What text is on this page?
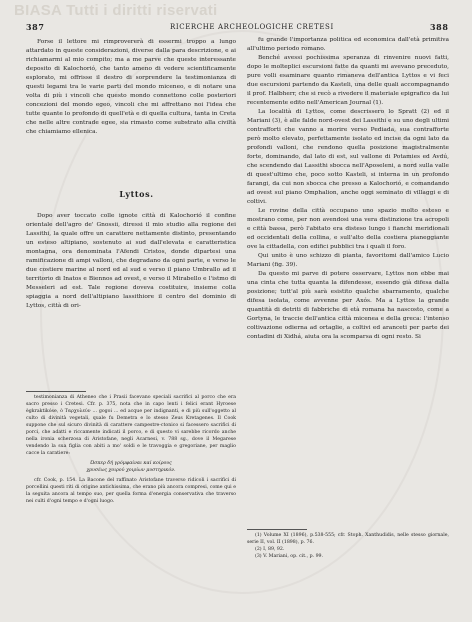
BIASA Tutti i diritti riservati
387	RICERCHE ARCHEOLOGICHE CRETESI	388

Forse il lettore mi rimprovererà di essermi troppo a lungo attardato in queste considerazioni, diverse dalla para descrizione, e ai richiamarmi al mio compito; ma a me parve che queste interessante deposito di Kalochorió, che tanto ameno di vedere scientificamente esplorato, mi offrisse il destro di sorprendere la testimonianza di questi legami tra le varie parti del mondo miceneo, e di notare una volta di più i vincoli che questo mondo connettono colle posteriori concezioni del mondo egeo, vincoli che mi affrettano noi l'idea che tutte quante lo profondo di quell'età e di quella cultura, tanta in Creta che nelle altre contrade egee, sia rimasto come substrato alla civiltà che chiamiamo ellenica.

Lyttos.

Dopo aver toccato colle ignote città di Kalochorió il confine orientale dell'agro de' Gnossii, diressi il mio studio alla regione dei Lassithi, la quale offre un carattere nettamente distinto, presentando un esteso altipiano, sostenuto ai sud dall'elevata e caratteristica montagna, ora denominata l'Afendi Cristos, donde dipartesi una ramificazione di ampi valloni, che degradano da ogni parte, e verso le due costiere marine al nord ed al sud e verso il piano Umbrallo ad il territorio di Inatos e Biennos ad ovest, e verso il Mirabello e l'istmo di Messeleri ad est. Tale regione doveva costituire, insieme colla spiaggia a nord dell'altipiano lassithiore il centro del dominio di Lyttos, città di ori-

testimonianza di Atheneo che i Prasii facevano speciali sacrifici al porco che era sacro presso i Cretesi. Cfr. p. 375, nota che in capo lenti i felici erant Hyroese ègkraktikóse, ò Ταρχυλεύν ... gogoi ... ed acque per indignanti, e di più sull'oggetto al culto di divinità vegetali, quale fu Demetra e lo stesso Zeus Kretagenes. Il Cook suppone che sul sicuro divinità di carattere campestre-ctonico si facessero sacrifici di porci, che adatti e riccamente indicati il porco, e di questo vi sarebbe ricordo anche nella ironia scherzosa di Aristofane, negli Acarnesi, v. 788 sg., dove il Megarese vendendo la sua figlia con abiti a mo' soldi e le travoggia e gregoriane, per maglio cacce la caratiere:

Ώσπερ δή γρόμφαίναι καί κοίρους

χρυσέως χοιρού χοιρίων μυστηρικόν.

cfr. Cook, p. 154. La Bacone del raffinato Aristofane traverso ridicoli i sacrifici di porcellini questi riti di origine antichissima, che erano più ancora compresi, come qui e la seguita ancora al tempo suo, per quella forma d'energia conservativa che traverso nei culti d'ogni tempo e d'ogni luogo.

fu grande l'importanza politica ed economica dall'età primitiva all'ultimo periodo romano.

Benché avessi pochissima speranza di rinvenire nuovi fatti, dopo le molteplici escursioni fatte da quanti mi avevano preceduto, pure volli esaminare quanto rimaneva dell'antica Lyttos e vi feci due escursioni partendo da Kasteli, una delle quali accompagnando il prof. Halbherr, che si recò a rivedere il materiale epigrafico da lui recentemente edito nell'American Journal (1).

La località di Lyttos, come descrissero lo Spratt (2) ed il Mariani (3), è alle falde nord-ovest dei Lassithi e su uno degli ultimi contrafforti che vanno a morire verso Pediada, sua contraffortе però molto elevato, perfettamente isolato ed incise da ogni lato da profondi valloni, che rendono quella posizione magistralmente forte, dominando, dal lato di est, sul vallone di Potamies ed Avdú, che scendendo dai Lassithi sbocca nell'Aposeleni, a nord sulla valle di quest'ultimo che, poco sotto Kasteli, si interna in un profondo farangi, da cui non sbocca che presso a Kalochorió, e comandando ad ovest sul piano Omphalion, anche oggi seminato di villaggi e di coltivi.

Le rovine della città occupano uno spazio molto esteso e mostrano come, per non avendosi una vera distinzione tra acropoli e città bassa, però l'abitato era disteso lungo i fianchi meridionali ed occidentali della collina, e sull'alto della costiera pianeggiante ove la cittadella, con edifici pubblici tra i quali il foro.

Qui unito è uno schizzo di pianta, favoritomi dall'amico Lucio Mariani (fig. 39).

Da questo mi parve di potere osservare, Lyttos non ebbe mai una cinta che tutta quanta la difendesse, essendo già difesa dalla posizione; tutt'al più sarà esistito qualche sbarramento, qualche difesa isolata, come avvenne per Axós. Ma a Lyttos la grande quantità di detriti di fabbriche di età romana ha nascosto, come a Gortyna, le traccie dell'antica città micenea e della greca: l'intenso coltivazione odierna ad ortaglie, a coltivi ed aranceti per parte dei contadini di Xidhá, aiuta ora la scomparsa di ogni resto. Si

(1) Volume XI (1896), p.538-555; cfr. Stoph. Xanthudidis, nelle stesso giornale, serie II, vol. II (1898), p. 76.

(2) I, 89, 92.

(3) V. Mariani, op. cit., p. 99.
